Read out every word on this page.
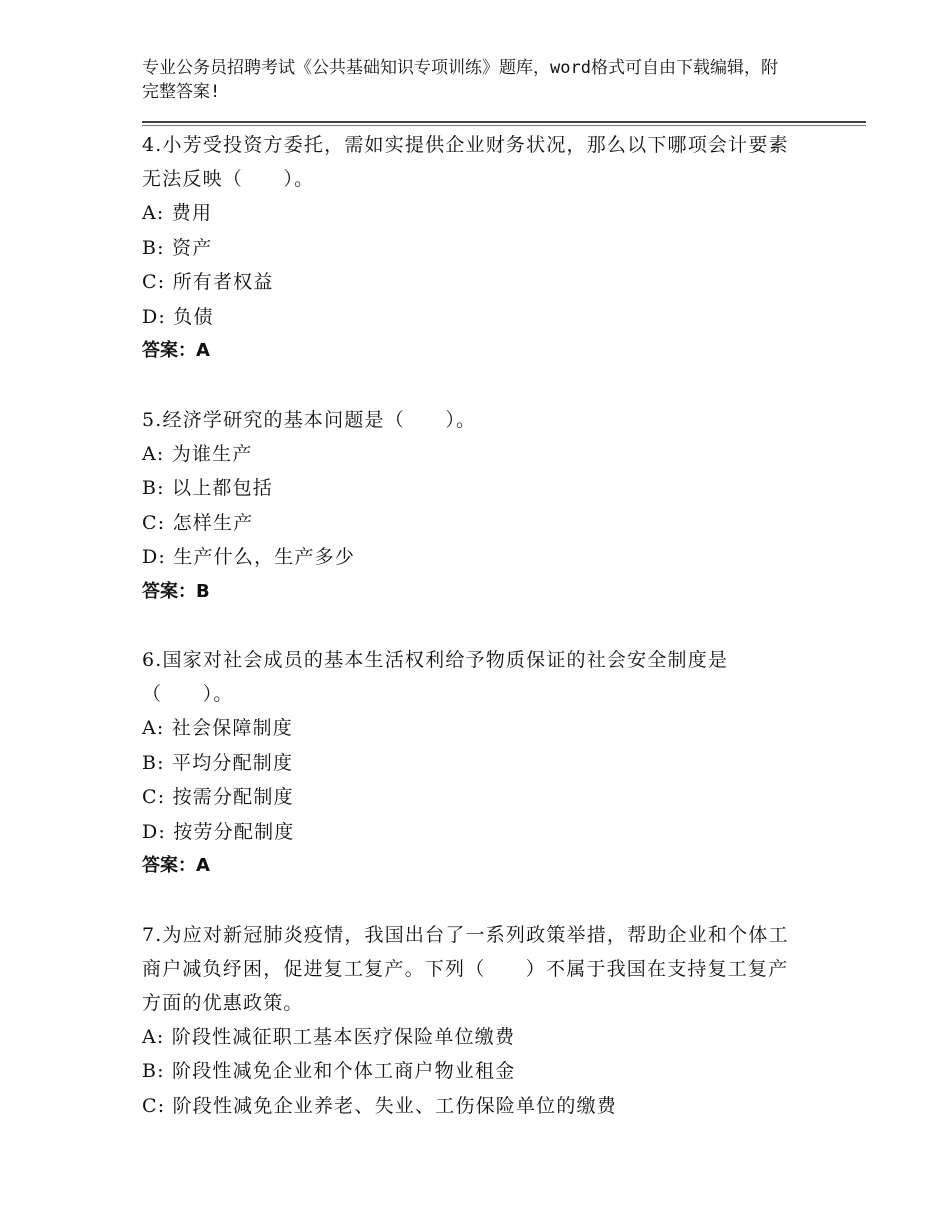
专业公务员招聘考试《公共基础知识专项训练》题库，word格式可自由下载编辑，附完整答案!

4.小芳受投资方委托，需如实提供企业财务状况，那么以下哪项会计要素无法反映（　　）。

A: 费用

B: 资产

C: 所有者权益

D: 负债

答案：A

5.经济学研究的基本问题是（　　）。

A: 为谁生产

B: 以上都包括

C: 怎样生产

D: 生产什么，生产多少

答案：B

6.国家对社会成员的基本生活权利给予物质保证的社会安全制度是（　　）。

A: 社会保障制度

B: 平均分配制度

C: 按需分配制度

D: 按劳分配制度

答案：A

7.为应对新冠肺炎疫情，我国出台了一系列政策举措，帮助企业和个体工商户减负纾困，促进复工复产。下列（　　）不属于我国在支持复工复产方面的优惠政策。

A: 阶段性减征职工基本医疗保险单位缴费

B: 阶段性减免企业和个体工商户物业租金

C: 阶段性减免企业养老、失业、工伤保险单位的缴费
